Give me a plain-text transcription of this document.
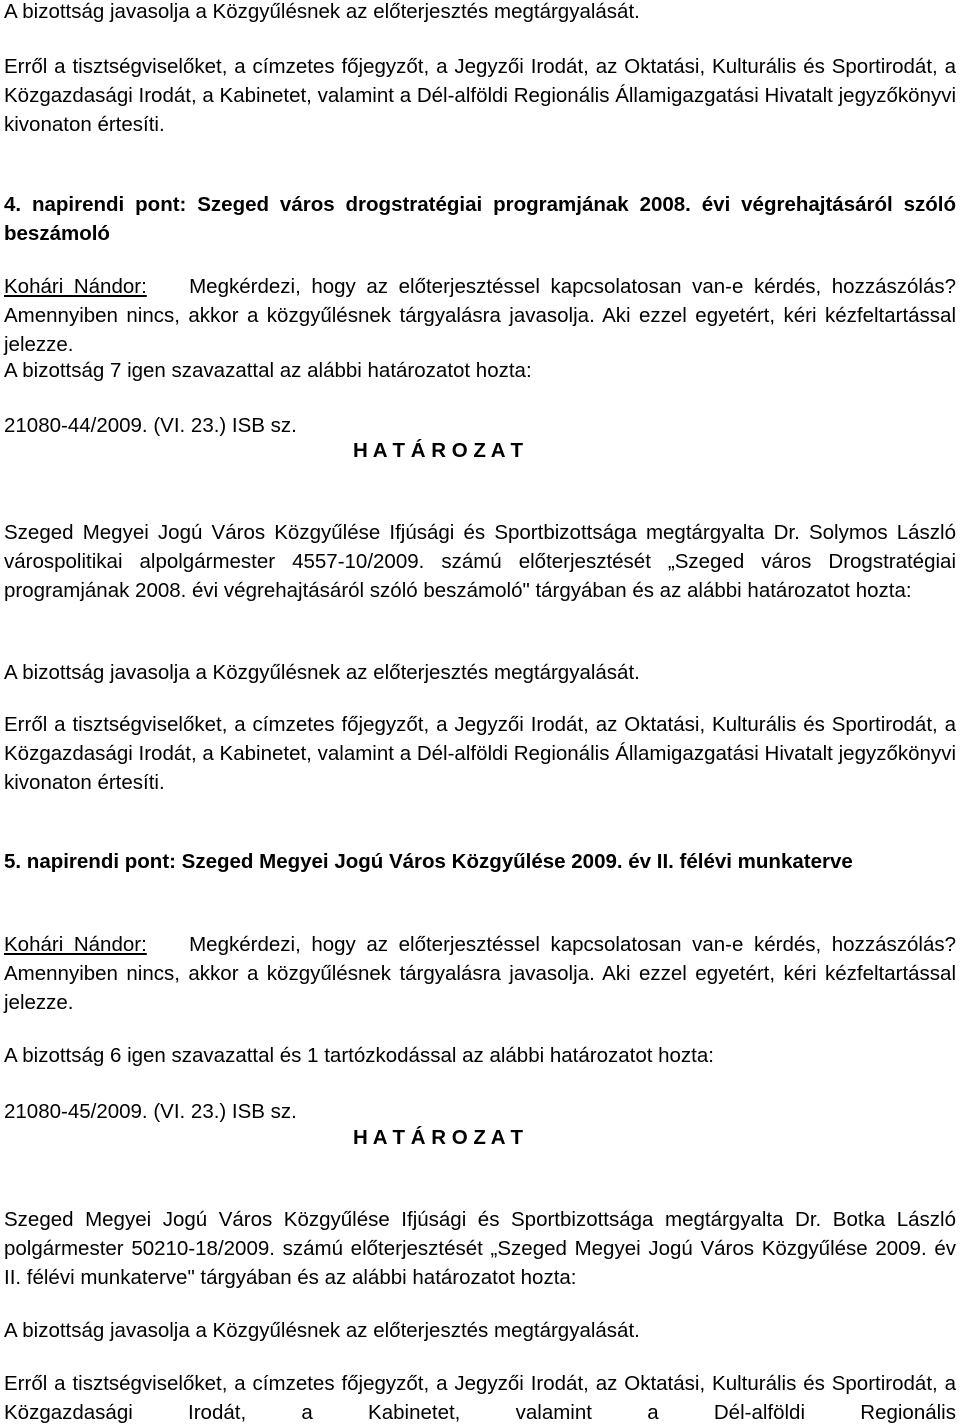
A bizottság javasolja a Közgyűlésnek az előterjesztés megtárgyalását.

Erről a tisztségviselőket, a címzetes főjegyzőt, a Jegyzői Irodát, az Oktatási, Kulturális és Sportirodát, a Közgazdasági Irodát, a Kabinetet, valamint a Dél-alföldi Regionális Államigazgatási Hivatalt jegyzőkönyvi kivonaton értesíti.

4. napirendi pont: Szeged város drogstratégiai programjának 2008. évi végrehajtásáról szóló beszámoló

Kohári Nándor: Megkérdezi, hogy az előterjesztéssel kapcsolatosan van-e kérdés, hozzászólás? Amennyiben nincs, akkor a közgyűlésnek tárgyalásra javasolja. Aki ezzel egyetért, kéri kézfeltartással jelezze.

A bizottság 7 igen szavazattal az alábbi határozatot hozta:

21080-44/2009. (VI. 23.) ISB sz.

H A T Á R O Z A T

Szeged Megyei Jogú Város Közgyűlése Ifjúsági és Sportbizottsága megtárgyalta Dr. Solymos László várospolitikai alpolgármester 4557-10/2009. számú előterjesztését „Szeged város Drogstratégiai programjának 2008. évi végrehajtásáról szóló beszámoló" tárgyában és az alábbi határozatot hozta:

A bizottság javasolja a Közgyűlésnek az előterjesztés megtárgyalását.

Erről a tisztségviselőket, a címzetes főjegyzőt, a Jegyzői Irodát, az Oktatási, Kulturális és Sportirodát, a Közgazdasági Irodát, a Kabinetet, valamint a Dél-alföldi Regionális Államigazgatási Hivatalt jegyzőkönyvi kivonaton értesíti.

5. napirendi pont: Szeged Megyei Jogú Város Közgyűlése 2009. év II. félévi munkaterve

Kohári Nándor: Megkérdezi, hogy az előterjesztéssel kapcsolatosan van-e kérdés, hozzászólás? Amennyiben nincs, akkor a közgyűlésnek tárgyalásra javasolja. Aki ezzel egyetért, kéri kézfeltartással jelezze.

A bizottság 6 igen szavazattal és 1 tartózkodással az alábbi határozatot hozta:

21080-45/2009. (VI. 23.) ISB sz.

H A T Á R O Z A T

Szeged Megyei Jogú Város Közgyűlése Ifjúsági és Sportbizottsága megtárgyalta Dr. Botka László polgármester 50210-18/2009. számú előterjesztését „Szeged Megyei Jogú Város Közgyűlése 2009. év II. félévi munkaterve" tárgyában és az alábbi határozatot hozta:

A bizottság javasolja a Közgyűlésnek az előterjesztés megtárgyalását.

Erről a tisztségviselőket, a címzetes főjegyzőt, a Jegyzői Irodát, az Oktatási, Kulturális és Sportirodát, a Közgazdasági Irodát, a Kabinetet, valamint a Dél-alföldi Regionális
